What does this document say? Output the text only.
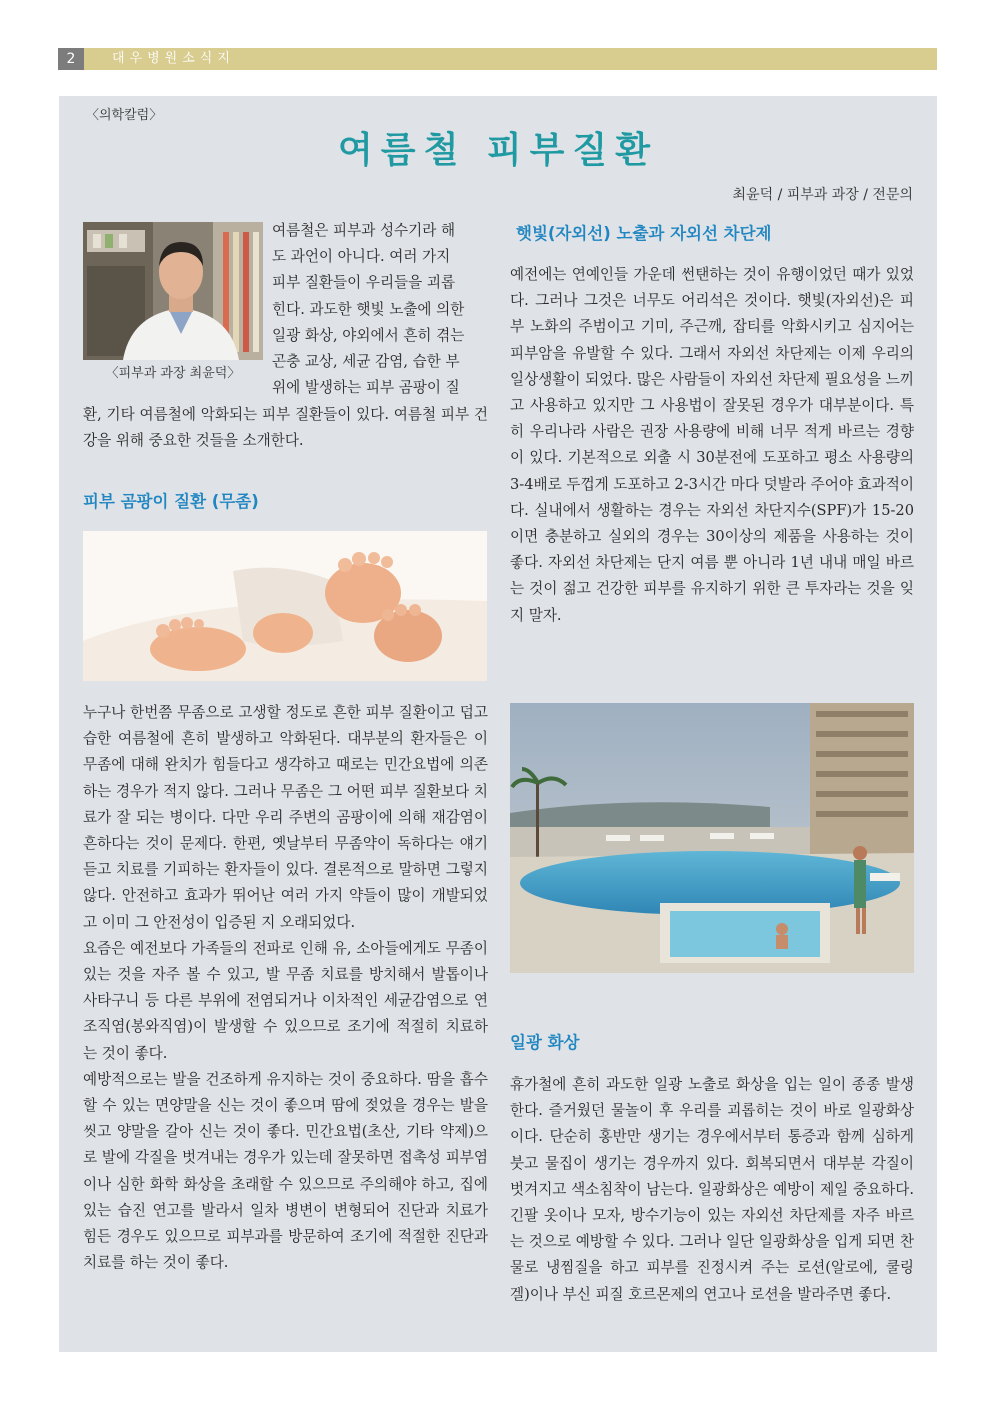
2	대우병원소식지
〈의학칼럼〉
여름철 피부질환
최윤덕 / 피부과 과장 / 전문의
〈피부과 과장 최윤덕〉

여름철은 피부과 성수기라 해

도 과언이 아니다. 여러 가지

피부 질환들이 우리들을 괴롭

힌다. 과도한 햇빛 노출에 의한

일광 화상, 야외에서 흔히 겪는

곤충 교상, 세균 감염, 습한 부

위에 발생하는 피부 곰팡이 질

환, 기타 여름철에 악화되는 피부 질환들이 있다. 여름철 피부 건강을 위해 중요한 것들을 소개한다.
피부 곰팡이 질환 (무좀)

누구나 한번쯤 무좀으로 고생할 정도로 흔한 피부 질환이고 덥고 습한 여름철에 흔히 발생하고 악화된다. 대부분의 환자들은 이 무좀에 대해 완치가 힘들다고 생각하고 때로는 민간요법에 의존하는 경우가 적지 않다. 그러나 무좀은 그 어떤 피부 질환보다 치료가 잘 되는 병이다. 다만 우리 주변의 곰팡이에 의해 재감염이 흔하다는 것이 문제다. 한편, 옛날부터 무좀약이 독하다는 얘기 듣고 치료를 기피하는 환자들이 있다. 결론적으로 말하면 그렇지 않다. 안전하고 효과가 뛰어난 여러 가지 약들이 많이 개발되었고 이미 그 안전성이 입증된 지 오래되었다.

요즘은 예전보다 가족들의 전파로 인해 유, 소아들에게도 무좀이 있는 것을 자주 볼 수 있고, 발 무좀 치료를 방치해서 발톱이나 사타구니 등 다른 부위에 전염되거나 이차적인 세균감염으로 연조직염(봉와직염)이 발생할 수 있으므로 조기에 적절히 치료하는 것이 좋다.

예방적으로는 발을 건조하게 유지하는 것이 중요하다. 땀을 흡수할 수 있는 면양말을 신는 것이 좋으며 땀에 젖었을 경우는 발을 씻고 양말을 갈아 신는 것이 좋다. 민간요법(초산, 기타 약제)으로 발에 각질을 벗겨내는 경우가 있는데 잘못하면 접촉성 피부염이나 심한 화학 화상을 초래할 수 있으므로 주의해야 하고, 집에 있는 습진 연고를 발라서 일차 병변이 변형되어 진단과 치료가 힘든 경우도 있으므로 피부과를 방문하여 조기에 적절한 진단과 치료를 하는 것이 좋다.

햇빛(자외선) 노출과 자외선 차단제
예전에는 연예인들 가운데 썬탠하는 것이 유행이었던 때가 있었다. 그러나 그것은 너무도 어리석은 것이다. 햇빛(자외선)은 피부 노화의 주범이고 기미, 주근깨, 잡티를 악화시키고 심지어는 피부암을 유발할 수 있다. 그래서 자외선 차단제는 이제 우리의 일상생활이 되었다. 많은 사람들이 자외선 차단제 필요성을 느끼고 사용하고 있지만 그 사용법이 잘못된 경우가 대부분이다. 특히 우리나라 사람은 권장 사용량에 비해 너무 적게 바르는 경향이 있다. 기본적으로 외출 시 30분전에 도포하고 평소 사용량의 3-4배로 두껍게 도포하고 2-3시간 마다 덧발라 주어야 효과적이다. 실내에서 생활하는 경우는 자외선 차단지수(SPF)가 15-20이면 충분하고 실외의 경우는 30이상의 제품을 사용하는 것이 좋다. 자외선 차단제는 단지 여름 뿐 아니라 1년 내내 매일 바르는 것이 젊고 건강한 피부를 유지하기 위한 큰 투자라는 것을 잊지 말자.
일광 화상
휴가철에 흔히 과도한 일광 노출로 화상을 입는 일이 종종 발생한다. 즐거웠던 물놀이 후 우리를 괴롭히는 것이 바로 일광화상이다. 단순히 홍반만 생기는 경우에서부터 통증과 함께 심하게 붓고 물집이 생기는 경우까지 있다. 회복되면서 대부분 각질이 벗겨지고 색소침착이 남는다. 일광화상은 예방이 제일 중요하다. 긴팔 옷이나 모자, 방수기능이 있는 자외선 차단제를 자주 바르는 것으로 예방할 수 있다. 그러나 일단 일광화상을 입게 되면 찬물로 냉찜질을 하고 피부를 진정시켜 주는 로션(알로에, 쿨링 겔)이나 부신 피질 호르몬제의 연고나 로션을 발라주면 좋다.
